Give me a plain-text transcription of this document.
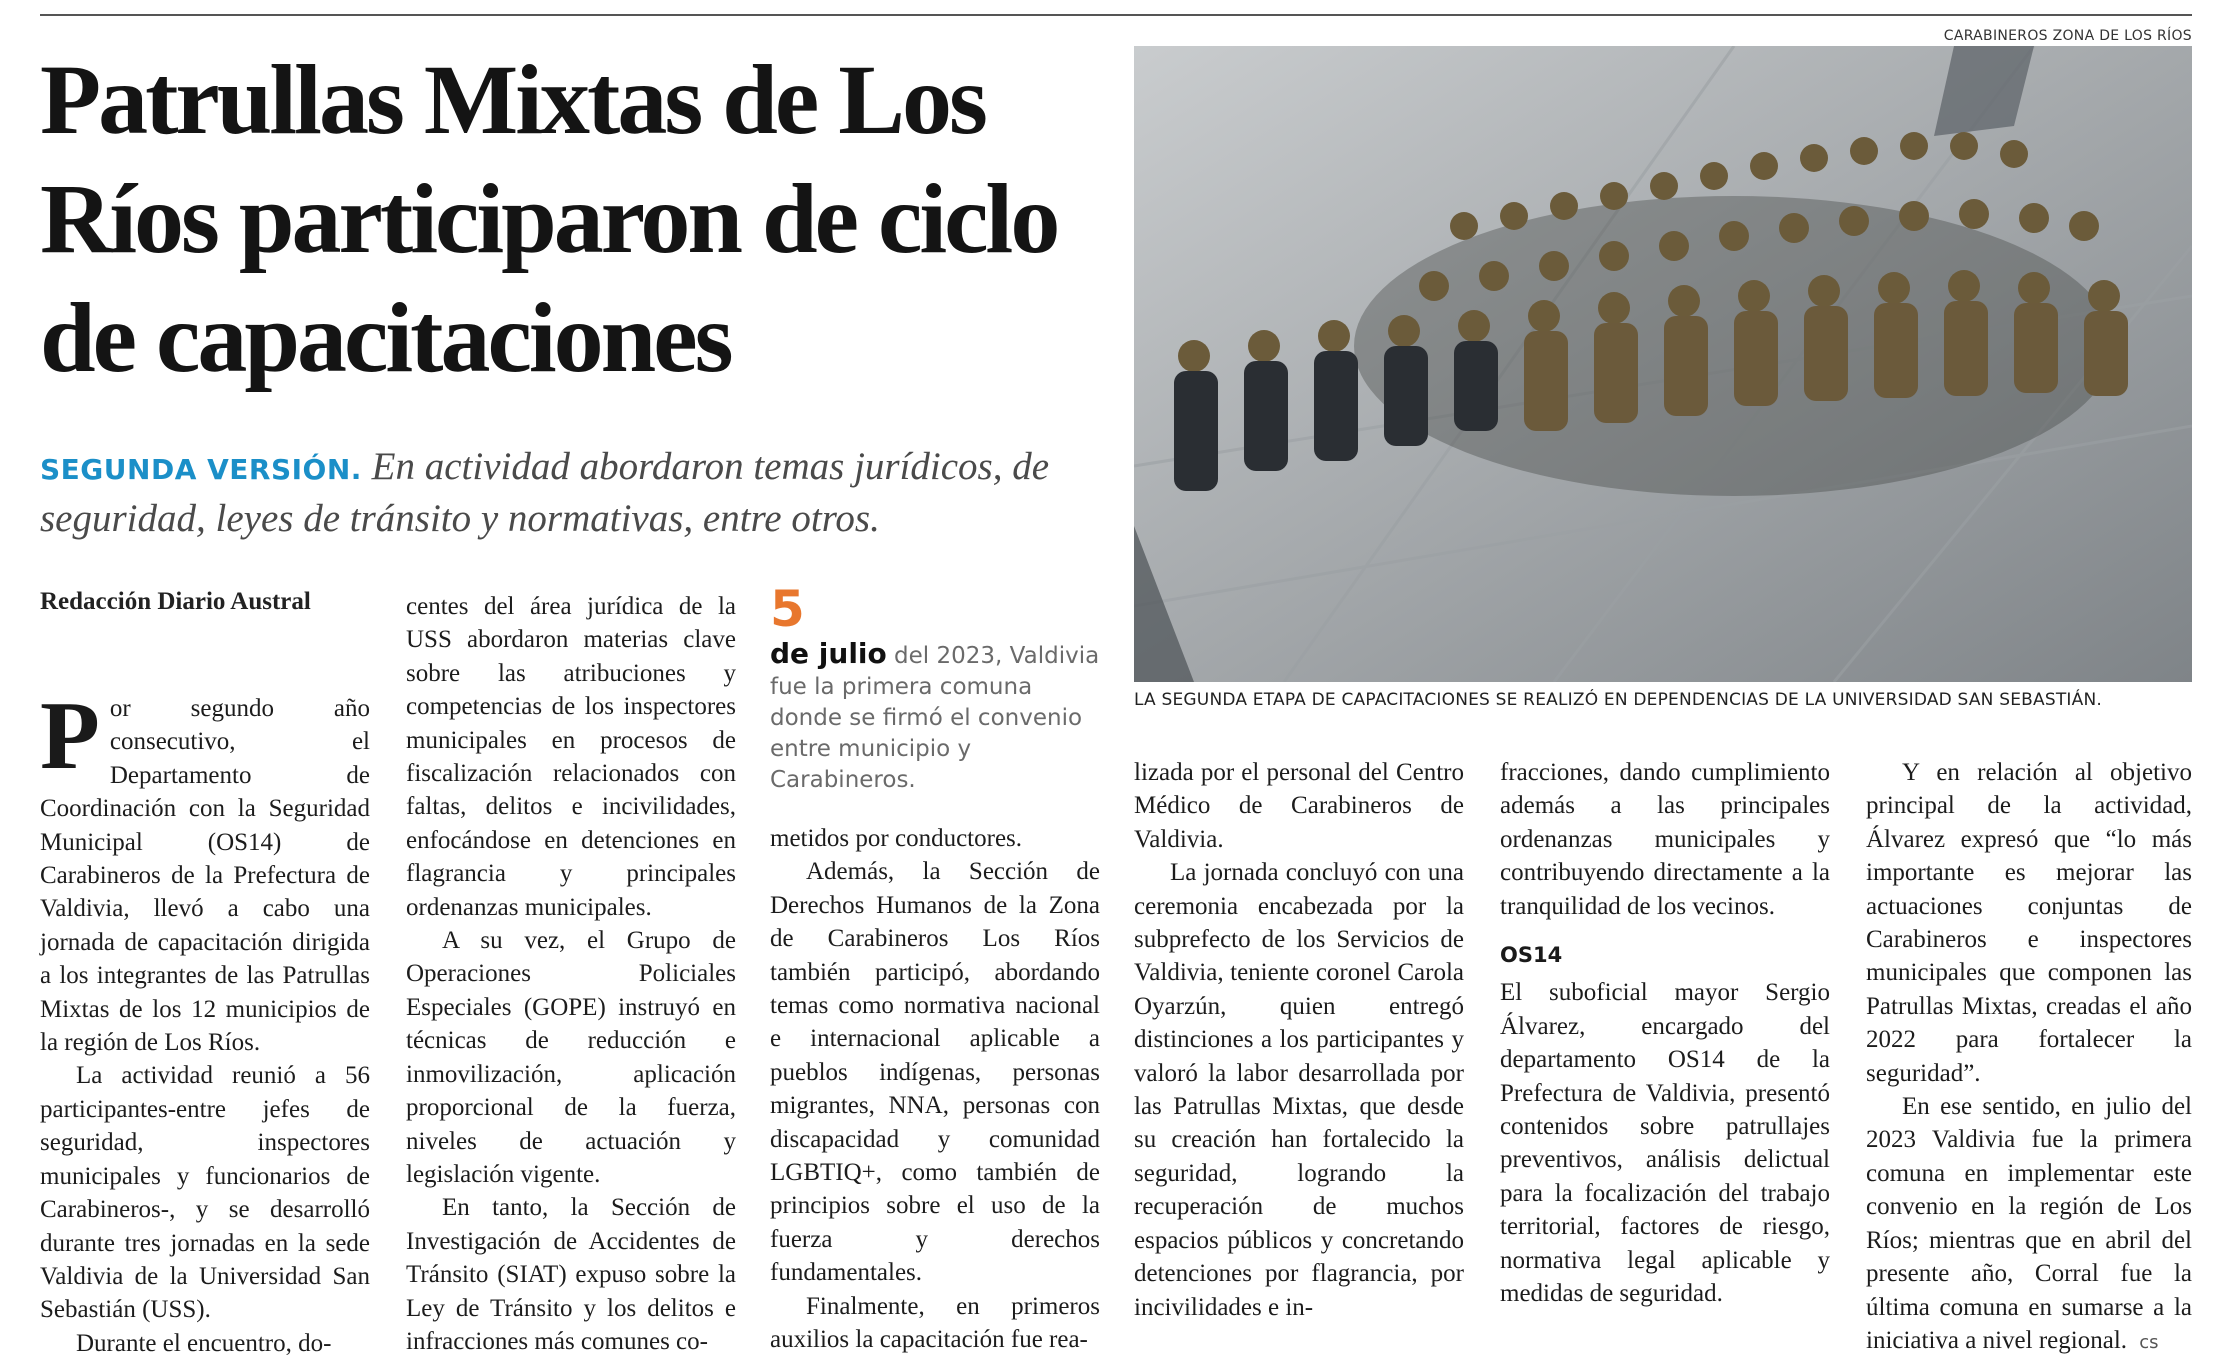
Patrullas Mixtas de Los Ríos participaron de ciclo de capacitaciones
SEGUNDA VERSIÓN. En actividad abordaron temas jurídicos, de seguridad, leyes de tránsito y normativas, entre otros.
Redacción Diario Austral
CARABINEROS ZONA DE LOS RÍOS
LA SEGUNDA ETAPA DE CAPACITACIONES SE REALIZÓ EN DEPENDENCIAS DE LA UNIVERSIDAD SAN SEBASTIÁN.

P or segundo año consecutivo, el Departamento de Coordinación con la Seguridad Municipal (OS14) de Carabineros de la Prefectura de Valdivia, llevó a cabo una jornada de capacitación dirigida a los integrantes de las Patrullas Mixtas de los 12 municipios de la región de Los Ríos.

La actividad reunió a 56 participantes-entre jefes de seguridad, inspectores municipales y funcionarios de Carabineros-, y se desarrolló durante tres jornadas en la sede Valdivia de la Universidad San Sebastián (USS).

Durante el encuentro, do-

centes del área jurídica de la USS abordaron materias clave sobre las atribuciones y competencias de los inspectores municipales en procesos de fiscalización relacionados con faltas, delitos e incivilidades, enfocándose en detenciones en flagrancia y principales ordenanzas municipales.

A su vez, el Grupo de Operaciones Policiales Especiales (GOPE) instruyó en técnicas de reducción e inmovilización, aplicación proporcional de la fuerza, niveles de actuación y legislación vigente.

En tanto, la Sección de Investigación de Accidentes de Tránsito (SIAT) expuso sobre la Ley de Tránsito y los delitos e infracciones más comunes co-

5
de julio del 2023, Valdivia fue la primera comuna donde se firmó el convenio entre municipio y Carabineros.

metidos por conductores.

Además, la Sección de Derechos Humanos de la Zona de Carabineros Los Ríos también participó, abordando temas como normativa nacional e internacional aplicable a pueblos indígenas, personas migrantes, NNA, personas con discapacidad y comunidad LGBTIQ+, como también de principios sobre el uso de la fuerza y derechos fundamentales.

Finalmente, en primeros auxilios la capacitación fue rea-

lizada por el personal del Centro Médico de Carabineros de Valdivia.

La jornada concluyó con una ceremonia encabezada por la subprefecto de los Servicios de Valdivia, teniente coronel Carola Oyarzún, quien entregó distinciones a los participantes y valoró la labor desarrollada por las Patrullas Mixtas, que desde su creación han fortalecido la seguridad, logrando la recuperación de muchos espacios públicos y concretando detenciones por flagrancia, por incivilidades e in-

fracciones, dando cumplimiento además a las principales ordenanzas municipales y contribuyendo directamente a la tranquilidad de los vecinos.

OS14

El suboficial mayor Sergio Álvarez, encargado del departamento OS14 de la Prefectura de Valdivia, presentó contenidos sobre patrullajes preventivos, análisis delictual para la focalización del trabajo territorial, factores de riesgo, normativa legal aplicable y medidas de seguridad.

Y en relación al objetivo principal de la actividad, Álvarez expresó que “lo más importante es mejorar las actuaciones conjuntas de Carabineros e inspectores municipales que componen las Patrullas Mixtas, creadas el año 2022 para fortalecer la seguridad”.

En ese sentido, en julio del 2023 Valdivia fue la primera comuna en implementar este convenio en la región de Los Ríos; mientras que en abril del presente año, Corral fue la última comuna en sumarse a la iniciativa a nivel regional. cs
